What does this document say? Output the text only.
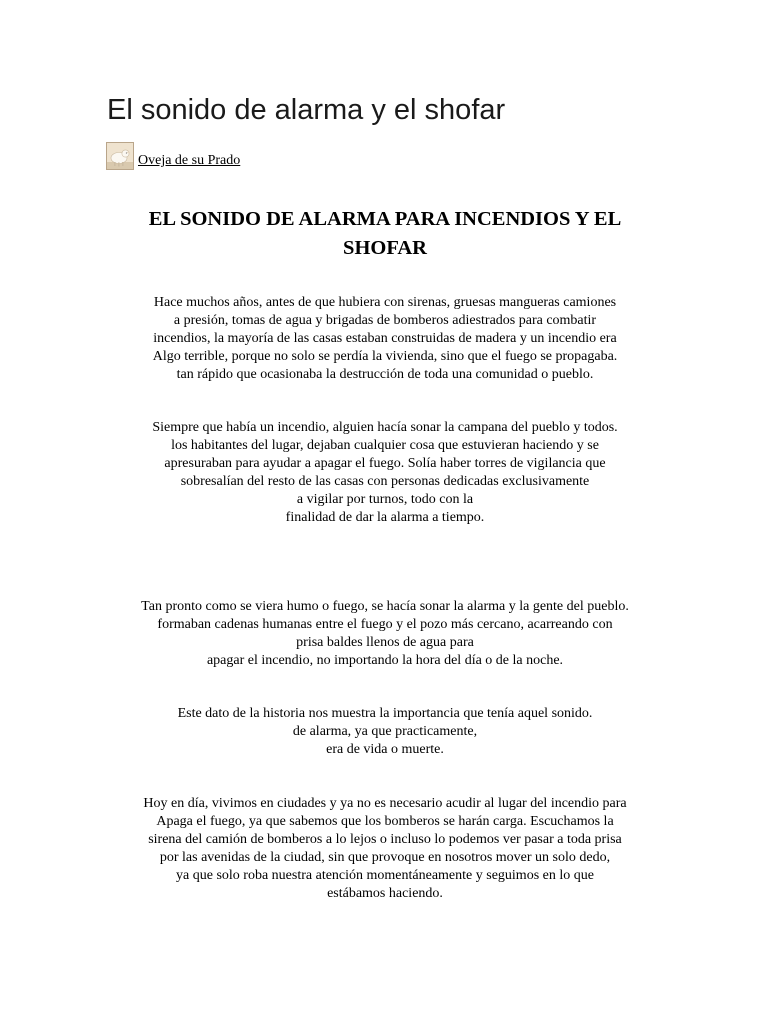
El sonido de alarma y el shofar
Oveja de su Prado
EL SONIDO DE ALARMA PARA INCENDIOS Y EL
SHOFAR

Hace muchos años, antes de que hubiera con sirenas, gruesas mangueras camiones
a presión, tomas de agua y brigadas de bomberos adiestrados para combatir
incendios, la mayoría de las casas estaban construidas de madera y un incendio era
Algo terrible, porque no solo se perdía la vivienda, sino que el fuego se propagaba.
tan rápido que ocasionaba la destrucción de toda una comunidad o pueblo.

Siempre que había un incendio, alguien hacía sonar la campana del pueblo y todos.
los habitantes del lugar, dejaban cualquier cosa que estuvieran haciendo y se
apresuraban para ayudar a apagar el fuego. Solía haber torres de vigilancia que
sobresalían del resto de las casas con personas dedicadas exclusivamente
a vigilar por turnos, todo con la
finalidad de dar la alarma a tiempo.

Tan pronto como se viera humo o fuego, se hacía sonar la alarma y la gente del pueblo.
formaban cadenas humanas entre el fuego y el pozo más cercano, acarreando con
prisa baldes llenos de agua para
apagar el incendio, no importando la hora del día o de la noche.

Este dato de la historia nos muestra la importancia que tenía aquel sonido.
de alarma, ya que practicamente,
era de vida o muerte.

Hoy en día, vivimos en ciudades y ya no es necesario acudir al lugar del incendio para
Apaga el fuego, ya que sabemos que los bomberos se harán carga. Escuchamos la
sirena del camión de bomberos a lo lejos o incluso lo podemos ver pasar a toda prisa
por las avenidas de la ciudad, sin que provoque en nosotros mover un solo dedo,
ya que solo roba nuestra atención momentáneamente y seguimos en lo que
estábamos haciendo.
